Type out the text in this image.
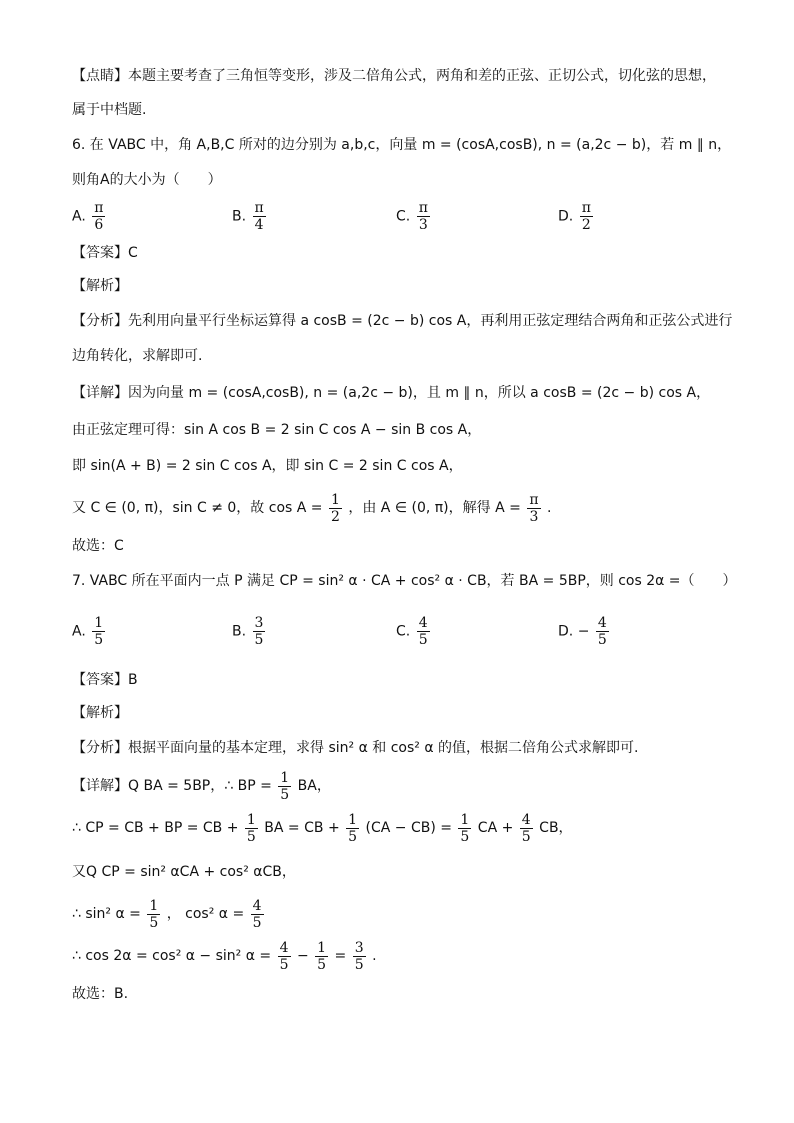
【点睛】本题主要考查了三角恒等变形，涉及二倍角公式，两角和差的正弦、正切公式，切化弦的思想，
属于中档题.
6. 在 VABC 中，角 A,B,C 所对的边分别为 a,b,c，向量 m = (cosA,cosB), n = (a,2c − b)，若 m ∥ n，
则角A的大小为（　　）
A. $\frac{\pi}{6}$	B. $\frac{\pi}{4}$	C. $\frac{\pi}{3}$	D. $\frac{\pi}{2}$
【答案】C
【解析】
【分析】先利用向量平行坐标运算得 a cosB = (2c − b) cos A，再利用正弦定理结合两角和正弦公式进行
边角转化，求解即可.
【详解】因为向量 m = (cosA,cosB), n = (a,2c − b)，且 m ∥ n，所以 a cosB = (2c − b) cos A，
由正弦定理可得：sin A cos B = 2 sin C cos A − sin B cos A，
即 sin(A + B) = 2 sin C cos A，即 sin C = 2 sin C cos A，
又 C ∈ (0, π)，sin C ≠ 0，故 $\cos A = \frac{1}{2}$ ，由 A ∈ (0, π)，解得 $A = \frac{\pi}{3}$ .
故选：C
7. VABC 所在平面内一点 P 满足 CP = sin² α · CA + cos² α · CB，若 BA = 5BP，则 cos 2α =（　　）
A. $\frac{1}{5}$	B. $\frac{3}{5}$	C. $\frac{4}{5}$	D. − $\frac{4}{5}$
【答案】B
【解析】
【分析】根据平面向量的基本定理，求得 sin² α 和 cos² α 的值，根据二倍角公式求解即可.
【详解】Q BA = 5BP，∴ BP = $\frac{1}{5}$ BA，
∴ CP = CB + BP = CB + $\frac{1}{5}$ BA = CB + $\frac{1}{5} (CA - CB) = \frac{1}{5}$ CA + $\frac{4}{5}$ CB，
又Q CP = sin² αCA + cos² αCB，
∴ sin² $\alpha = \frac{1}{5}$ ， cos² $\alpha = \frac{4}{5}$
∴ cos 2α = cos² α − sin² $\alpha = \frac{4}{5} - \frac{1}{5} = \frac{3}{5}$ .
故选：B.
